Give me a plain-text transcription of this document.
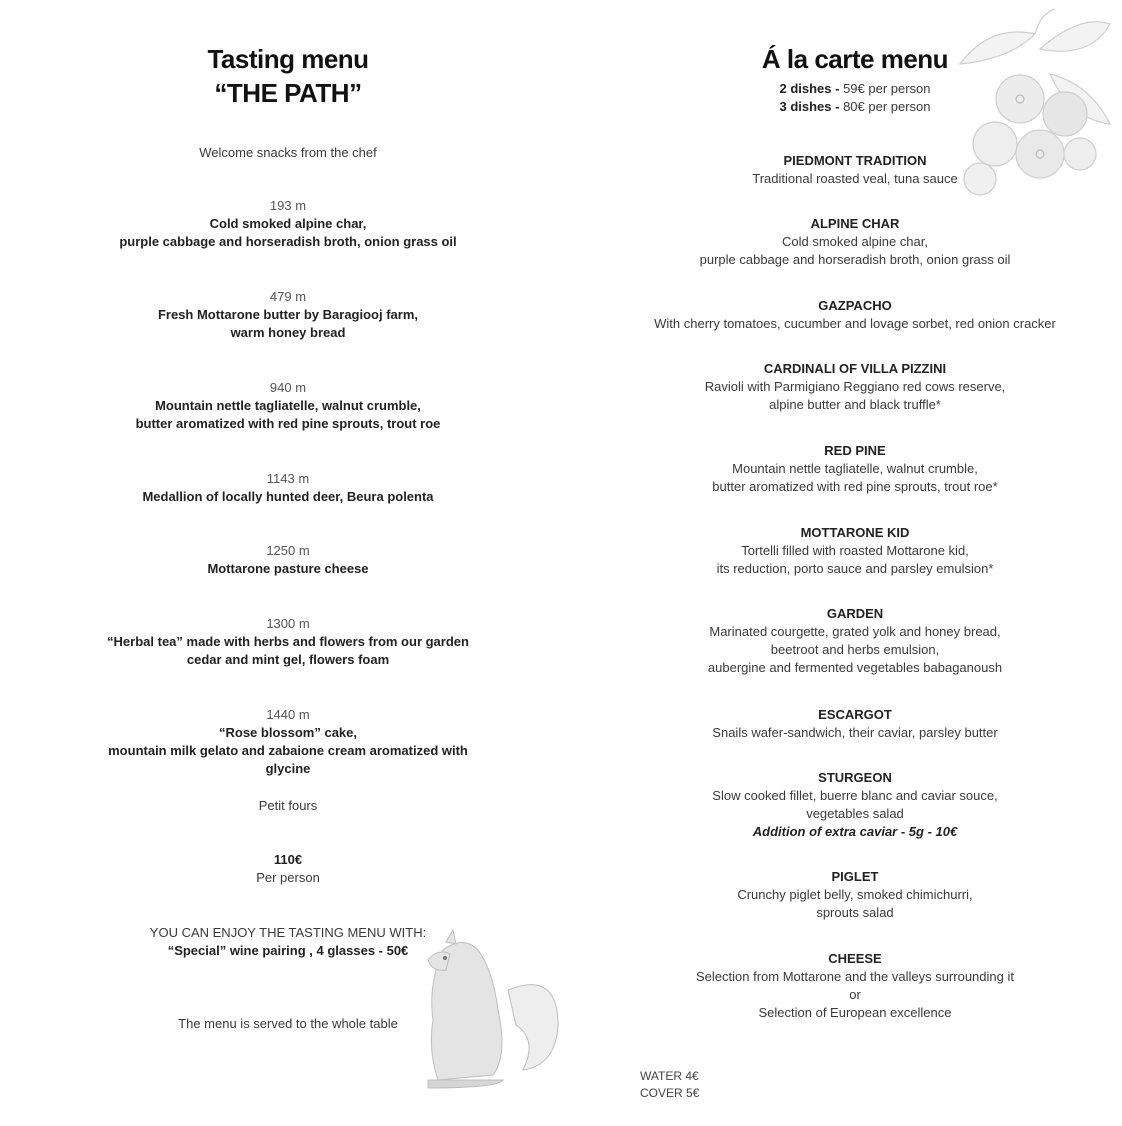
Tasting menu
“THE PATH”
Welcome snacks from the chef
193 m
Cold smoked alpine char,
purple cabbage and horseradish broth, onion grass oil
479 m
Fresh Mottarone butter by Baragiooj farm,
warm honey bread
940 m
Mountain nettle tagliatelle, walnut crumble,
butter aromatized with red pine sprouts, trout roe
1143 m
Medallion of locally hunted deer, Beura polenta
1250 m
Mottarone pasture cheese
1300 m
“Herbal tea” made with herbs and flowers from our garden
cedar and mint gel, flowers foam
1440 m
“Rose blossom” cake,
mountain milk gelato and zabaione cream aromatized with glycine
Petit fours
110€
Per person
YOU CAN ENJOY THE TASTING MENU WITH:
“Special” wine pairing , 4 glasses - 50€
The menu is served to the whole table
Á la carte menu
2 dishes - 59€ per person
3 dishes - 80€ per person
PIEDMONT TRADITION
Traditional roasted veal, tuna sauce
ALPINE CHAR
Cold smoked alpine char,
purple cabbage and horseradish broth, onion grass oil
GAZPACHO
With cherry tomatoes, cucumber and lovage sorbet, red onion cracker
CARDINALI OF VILLA PIZZINI
Ravioli with Parmigiano Reggiano red cows reserve,
alpine butter and black truffle*
RED PINE
Mountain nettle tagliatelle, walnut crumble,
butter aromatized with red pine sprouts, trout roe*
MOTTARONE KID
Tortelli filled with roasted Mottarone kid,
its reduction, porto sauce and parsley emulsion*
GARDEN
Marinated courgette, grated yolk and honey bread,
beetroot and herbs emulsion,
aubergine and fermented vegetables babaganoush
ESCARGOT
Snails wafer-sandwich, their caviar, parsley butter
STURGEON
Slow cooked fillet, buerre blanc and caviar souce,
vegetables salad
Addition of extra caviar - 5g - 10€
PIGLET
Crunchy piglet belly, smoked chimichurri,
sprouts salad
CHEESE
Selection from Mottarone and the valleys surrounding it
or
Selection of European excellence
WATER 4€
COVER 5€
